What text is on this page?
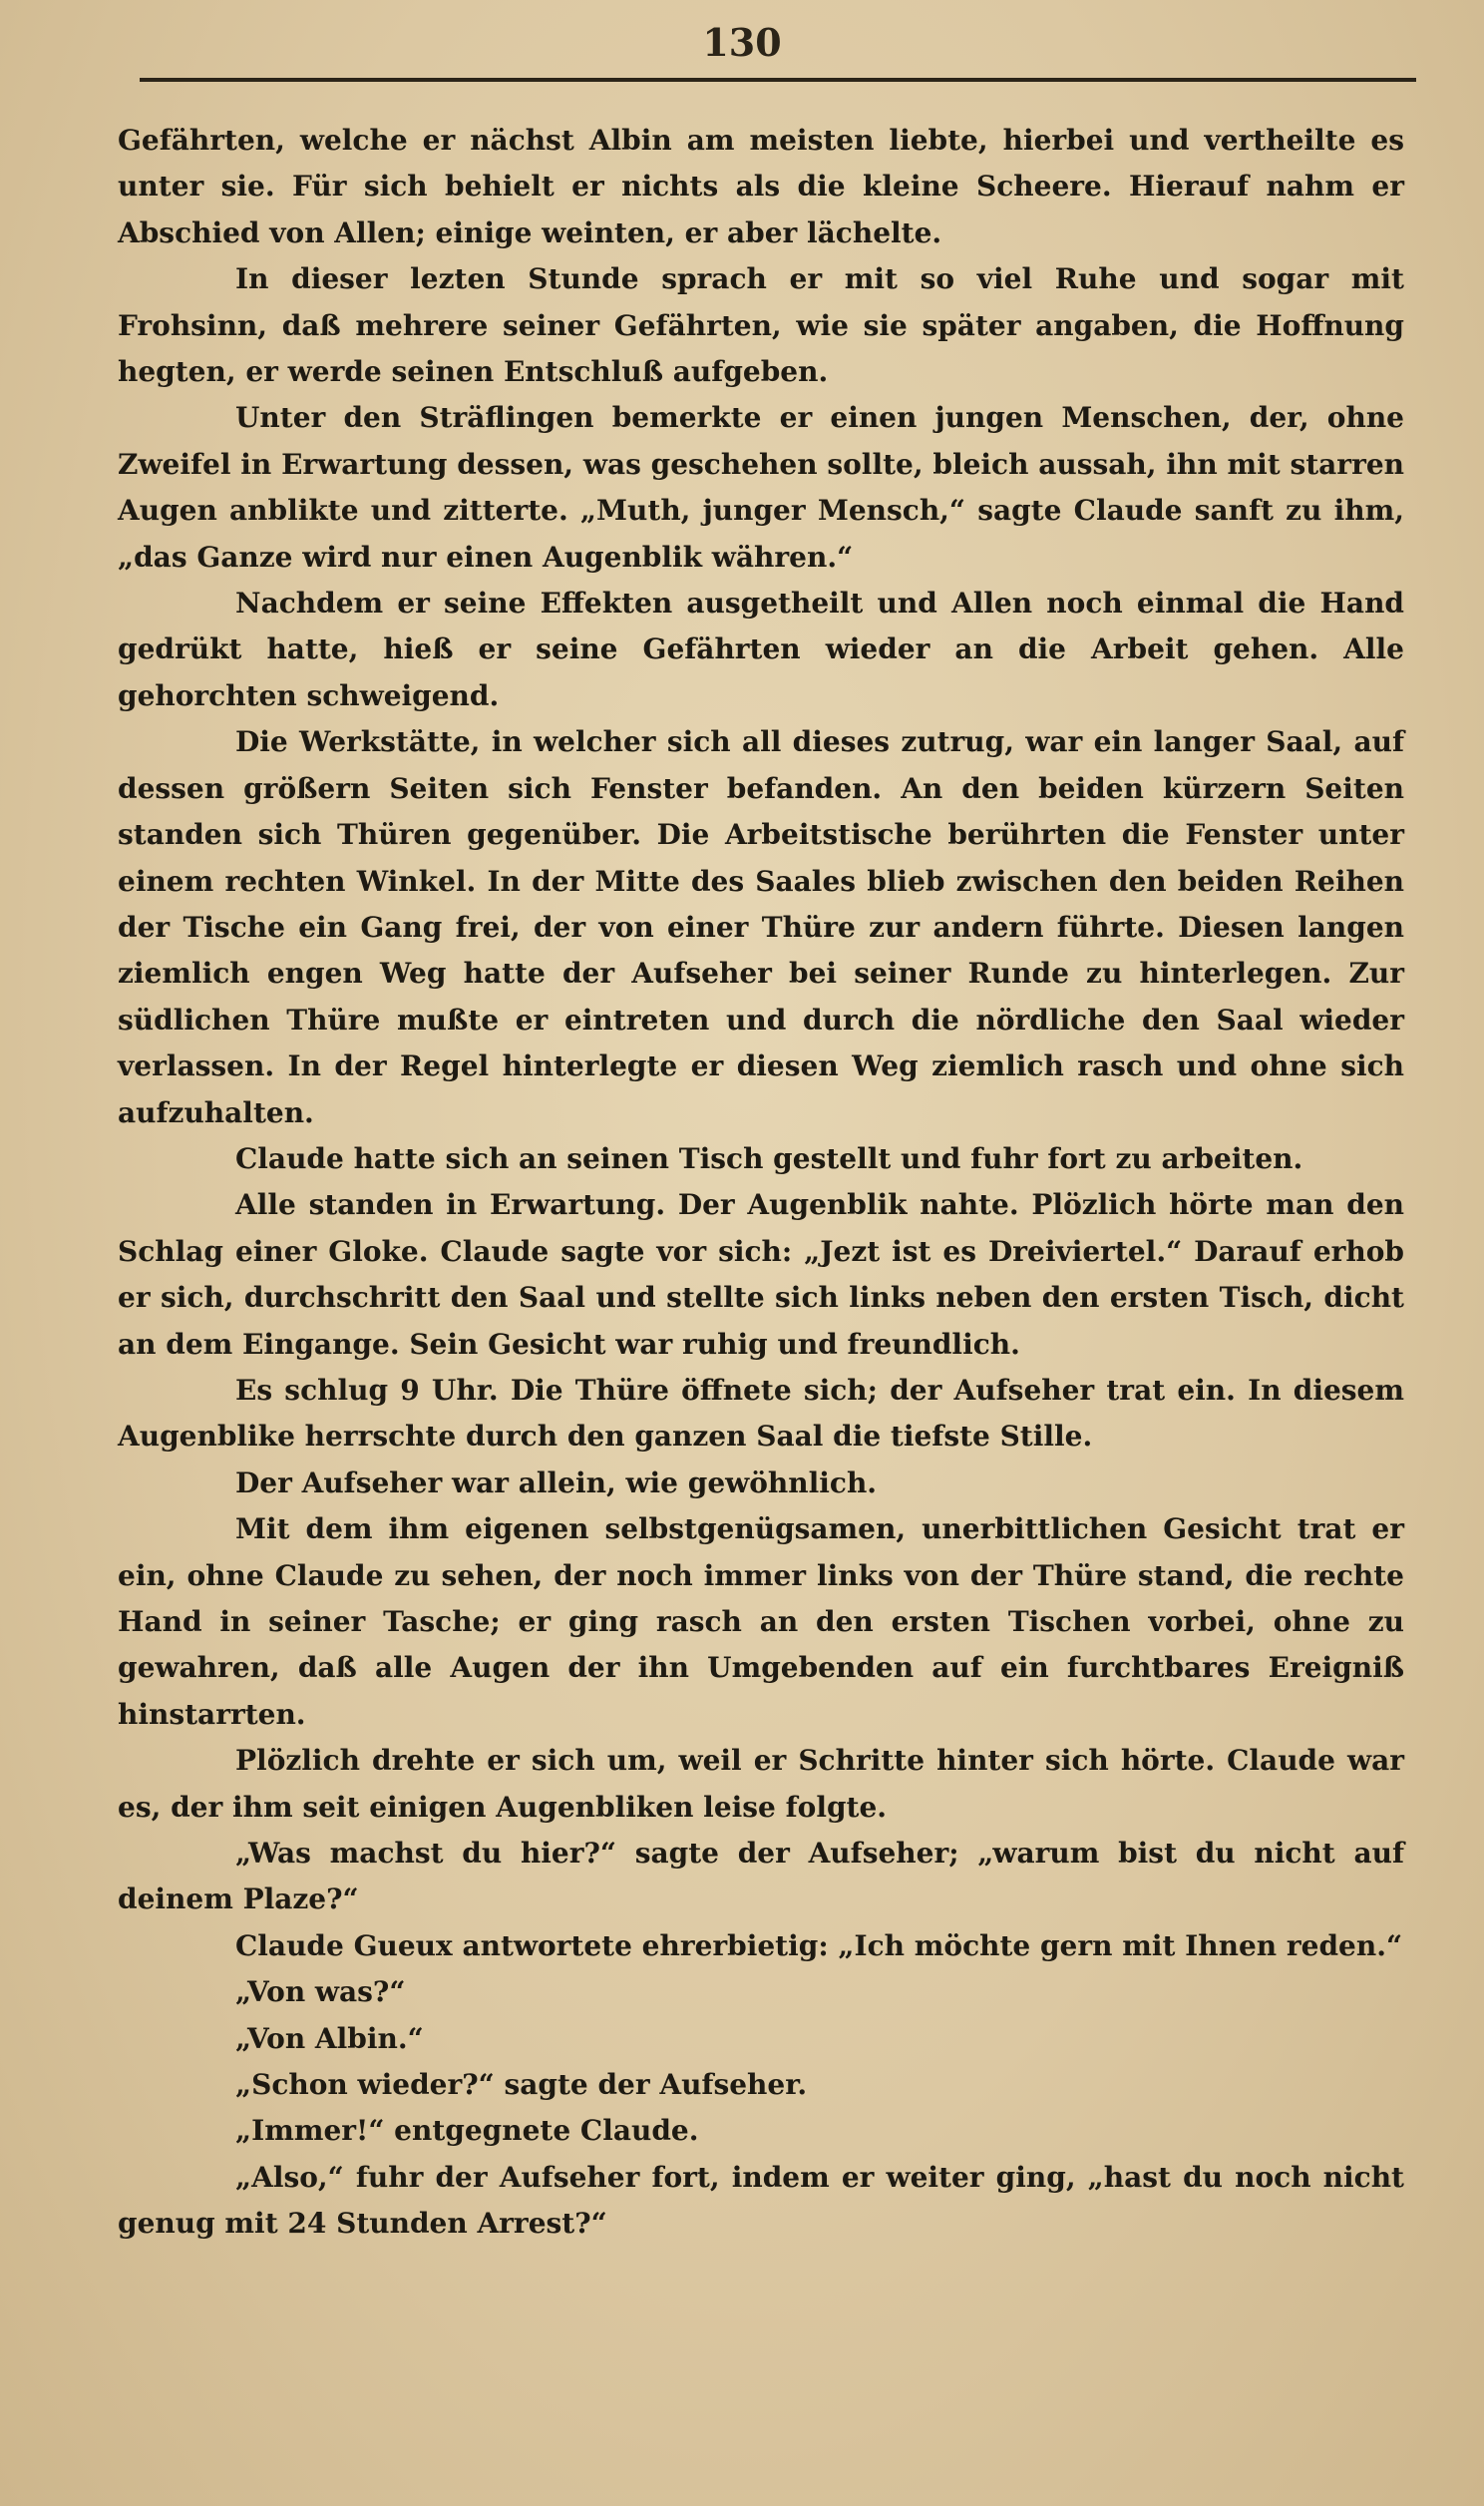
130

Gefährten, welche er nächst Albin am meisten liebte, hierbei und vertheilte es unter sie. Für sich behielt er nichts als die kleine Scheere. Hierauf nahm er Abschied von Allen; einige weinten, er aber lächelte.

In dieser lezten Stunde sprach er mit so viel Ruhe und sogar mit Frohsinn, daß mehrere seiner Gefährten, wie sie später angaben, die Hoffnung hegten, er werde seinen Entschluß aufgeben.

Unter den Sträflingen bemerkte er einen jungen Menschen, der, ohne Zweifel in Erwartung dessen, was geschehen sollte, bleich aussah, ihn mit starren Augen anblikte und zitterte. „Muth, junger Mensch,“ sagte Claude sanft zu ihm, „das Ganze wird nur einen Augenblik währen.“

Nachdem er seine Effekten ausgetheilt und Allen noch einmal die Hand gedrükt hatte, hieß er seine Gefährten wieder an die Arbeit gehen. Alle gehorchten schweigend.

Die Werkstätte, in welcher sich all dieses zutrug, war ein langer Saal, auf dessen größern Seiten sich Fenster befanden. An den beiden kürzern Seiten standen sich Thüren gegenüber. Die Arbeitstische berührten die Fenster unter einem rechten Winkel. In der Mitte des Saales blieb zwischen den beiden Reihen der Tische ein Gang frei, der von einer Thüre zur andern führte. Diesen langen ziemlich engen Weg hatte der Aufseher bei seiner Runde zu hinterlegen. Zur südlichen Thüre mußte er eintreten und durch die nördliche den Saal wieder verlassen. In der Regel hinterlegte er diesen Weg ziemlich rasch und ohne sich aufzuhalten.

Claude hatte sich an seinen Tisch gestellt und fuhr fort zu arbeiten.

Alle standen in Erwartung. Der Augenblik nahte. Plözlich hörte man den Schlag einer Gloke. Claude sagte vor sich: „Jezt ist es Dreiviertel.“ Darauf erhob er sich, durchschritt den Saal und stellte sich links neben den ersten Tisch, dicht an dem Eingange. Sein Gesicht war ruhig und freundlich.

Es schlug 9 Uhr. Die Thüre öffnete sich; der Aufseher trat ein. In diesem Augenblike herrschte durch den ganzen Saal die tiefste Stille.

Der Aufseher war allein, wie gewöhnlich.

Mit dem ihm eigenen selbstgenügsamen, unerbittlichen Gesicht trat er ein, ohne Claude zu sehen, der noch immer links von der Thüre stand, die rechte Hand in seiner Tasche; er ging rasch an den ersten Tischen vorbei, ohne zu gewahren, daß alle Augen der ihn Umgebenden auf ein furchtbares Ereigniß hinstarrten.

Plözlich drehte er sich um, weil er Schritte hinter sich hörte. Claude war es, der ihm seit einigen Augenbliken leise folgte.

„Was machst du hier?“ sagte der Aufseher; „warum bist du nicht auf deinem Plaze?“

Claude Gueux antwortete ehrerbietig: „Ich möchte gern mit Ihnen reden.“

„Von was?“

„Von Albin.“

„Schon wieder?“ sagte der Aufseher.

„Immer!“ entgegnete Claude.

„Also,“ fuhr der Aufseher fort, indem er weiter ging, „hast du noch nicht genug mit 24 Stunden Arrest?“
